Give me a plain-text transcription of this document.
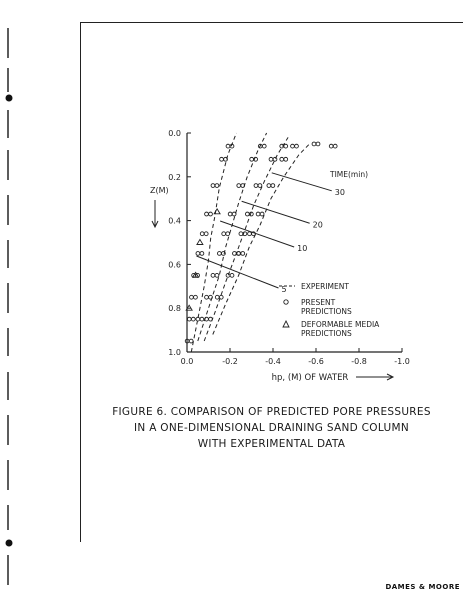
0.0
0.2
0.4
0.6
0.8
1.0
0.0	-0.2	-0.4	-0.6	-0.8	-1.0
Z(M)
hp, (M) OF WATER
TIME(min)
5
10
20
30
EXPERIMENT
PRESENT
PREDICTIONS
DEFORMABLE MEDIA
PREDICTIONS
FIGURE 6. COMPARISON OF PREDICTED PORE PRESSURES
IN A ONE-DIMENSIONAL DRAINING SAND COLUMN
WITH EXPERIMENTAL DATA
DAMES & MOORE
